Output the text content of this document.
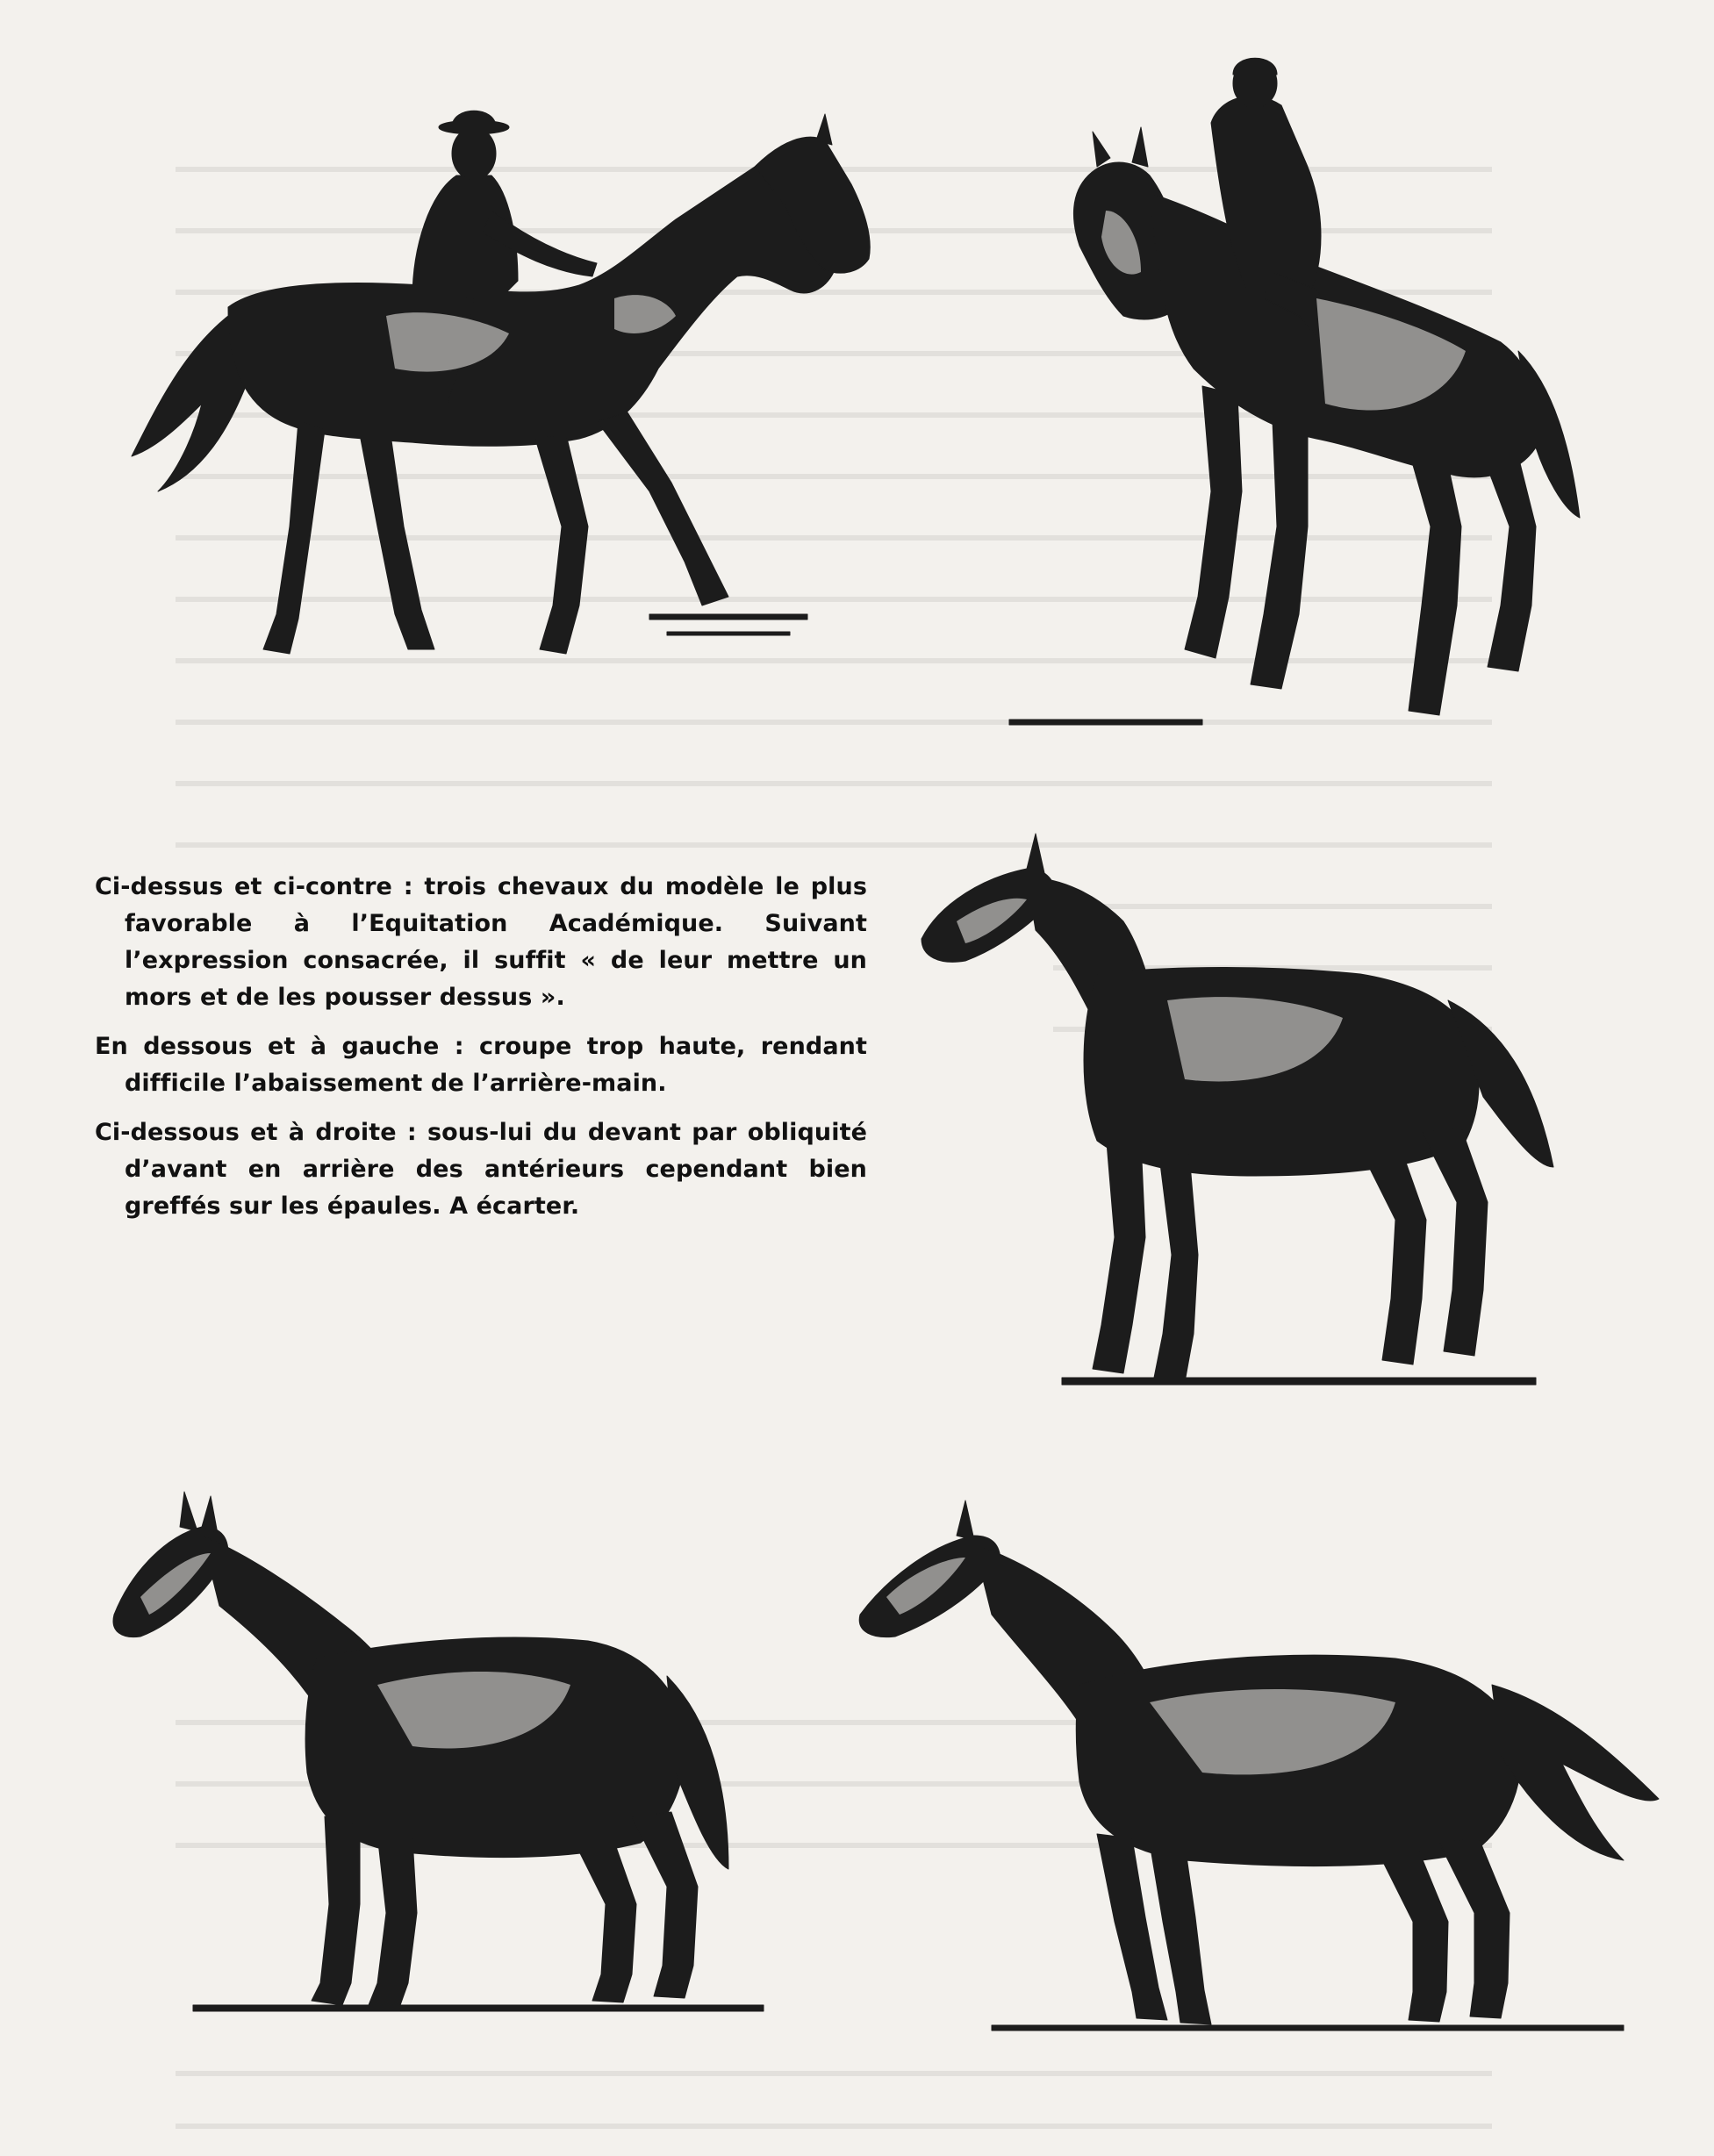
Ci-dessus et ci-contre : trois chevaux du modèle le plus favorable à l’Equitation Académique. Suivant l’expression consacrée, il suffit « de leur mettre un mors et de les pousser dessus ».

En dessous et à gauche : croupe trop haute, rendant difficile l’abaissement de l’arrière-main.

Ci-dessous et à droite : sous-lui du devant par obliquité d’avant en arrière des antérieurs cependant bien greffés sur les épaules. A écarter.
